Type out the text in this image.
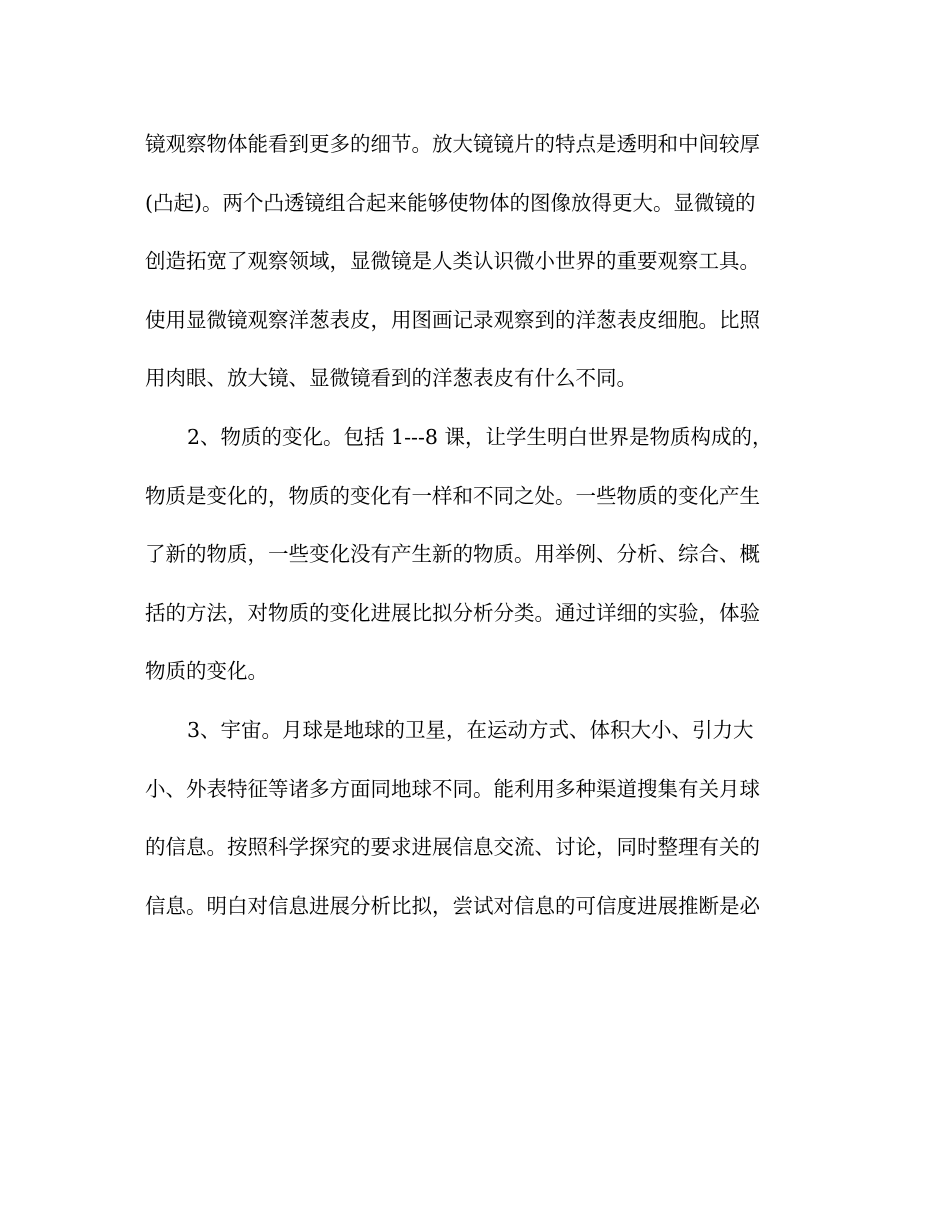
镜观察物体能看到更多的细节。放大镜镜片的特点是透明和中间较厚
(凸起)。两个凸透镜组合起来能够使物体的图像放得更大。显微镜的
创造拓宽了观察领域，显微镜是人类认识微小世界的重要观察工具。
使用显微镜观察洋葱表皮，用图画记录观察到的洋葱表皮细胞。比照
用肉眼、放大镜、显微镜看到的洋葱表皮有什么不同。
2、物质的变化。包括 1---8 课，让学生明白世界是物质构成的，
物质是变化的，物质的变化有一样和不同之处。一些物质的变化产生
了新的物质，一些变化没有产生新的物质。用举例、分析、综合、概
括的方法，对物质的变化进展比拟分析分类。通过详细的实验，体验
物质的变化。
3、宇宙。月球是地球的卫星，在运动方式、体积大小、引力大
小、外表特征等诸多方面同地球不同。能利用多种渠道搜集有关月球
的信息。按照科学探究的要求进展信息交流、讨论，同时整理有关的
信息。明白对信息进展分析比拟，尝试对信息的可信度进展推断是必
